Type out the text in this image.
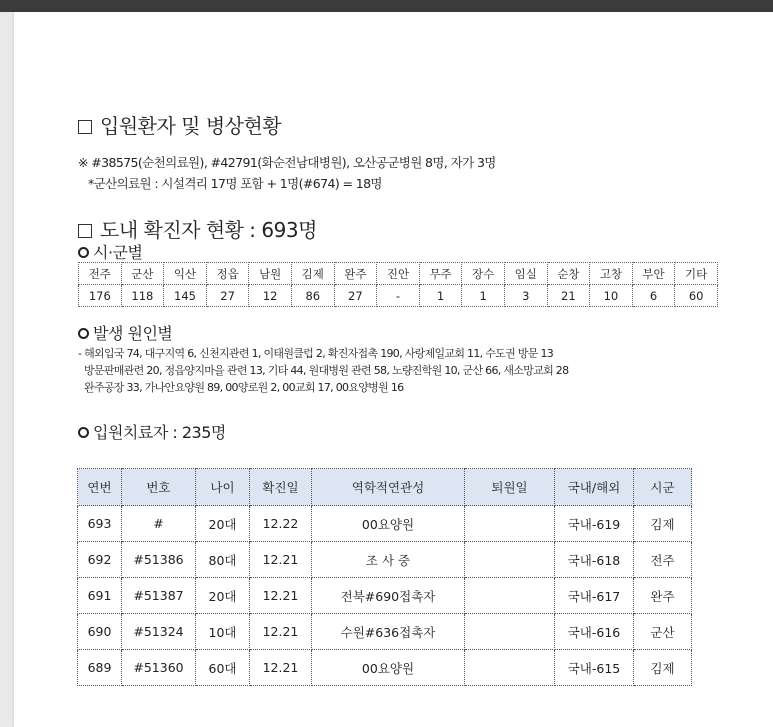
입원환자 및 병상현황
※ #38575(순천의료원), #42791(화순전남대병원), 오산공군병원 8명, 자가 3명
*군산의료원 : 시설격리 17명 포함 + 1명(#674) = 18명
도내 확진자 현황 : 693명
시·군별
전주	군산	익산	정읍	남원	김제	완주	진안	무주	장수	임실	순창	고창	부안	기타
176	118	145	27	12	86	27	-	1	1	3	21	10	6	60
발생 원인별
- 해외입국 74, 대구지역 6, 신천지관련 1, 이태원클럽 2, 확진자접촉 190, 사랑제일교회 11, 수도권 방문 13
방문판매관련 20, 정읍양지마을 관련 13, 기타 44, 원대병원 관련 58, 노량진학원 10, 군산 66, 새소망교회 28
완주공장 33, 가나안요양원 89, 00양로원 2, 00교회 17, 00요양병원 16
입원치료자 : 235명
연번	번호	나이	확진일	역학적연관성	퇴원일	국내/해외	시군
693	#	20대	12.22	00요양원		국내-619	김제
692	#51386	80대	12.21	조 사 중		국내-618	전주
691	#51387	20대	12.21	전북#690접촉자		국내-617	완주
690	#51324	10대	12.21	수원#636접촉자		국내-616	군산
689	#51360	60대	12.21	00요양원		국내-615	김제
